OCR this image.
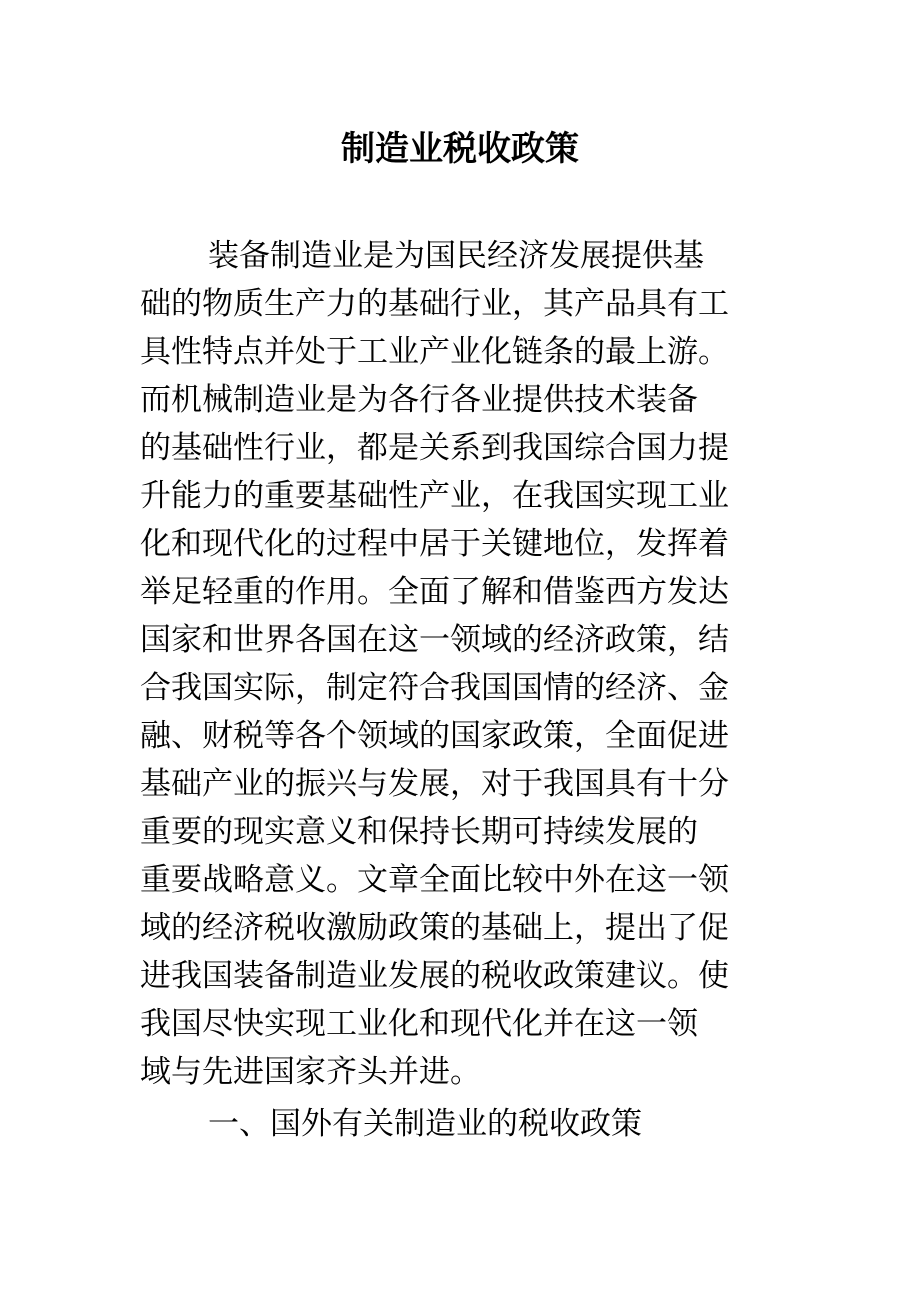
制造业税收政策
装备制造业是为国民经济发展提供基
础的物质生产力的基础行业，其产品具有工
具性特点并处于工业产业化链条的最上游。
而机械制造业是为各行各业提供技术装备
的基础性行业，都是关系到我国综合国力提
升能力的重要基础性产业，在我国实现工业
化和现代化的过程中居于关键地位，发挥着
举足轻重的作用。全面了解和借鉴西方发达
国家和世界各国在这一领域的经济政策，结
合我国实际，制定符合我国国情的经济、金
融、财税等各个领域的国家政策，全面促进
基础产业的振兴与发展，对于我国具有十分
重要的现实意义和保持长期可持续发展的
重要战略意义。文章全面比较中外在这一领
域的经济税收激励政策的基础上，提出了促
进我国装备制造业发展的税收政策建议。使
我国尽快实现工业化和现代化并在这一领
域与先进国家齐头并进。
一、国外有关制造业的税收政策
